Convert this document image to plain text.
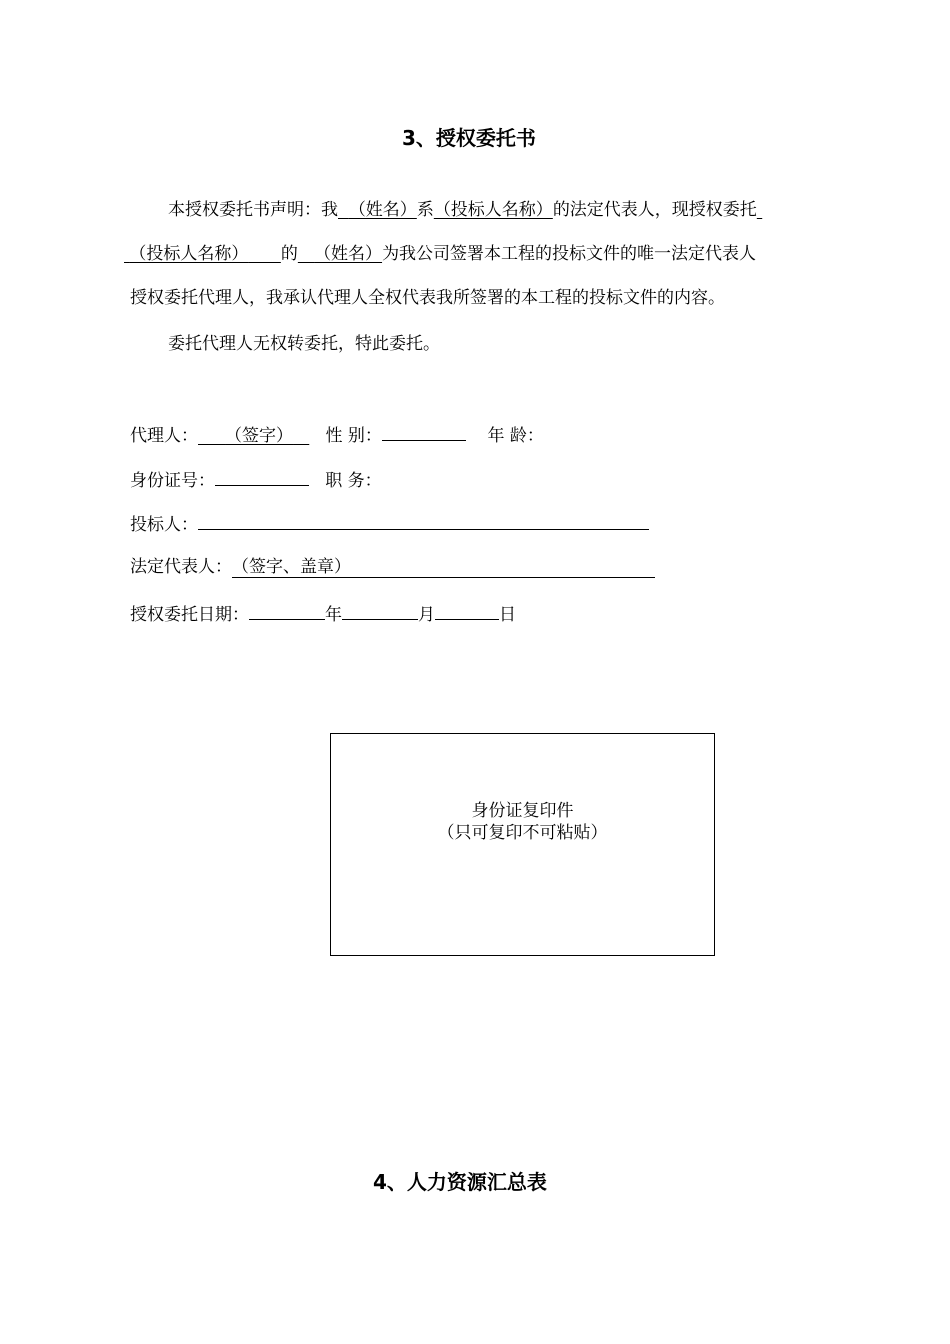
3、授权委托书
本授权委托书声明：我 （姓名）系（投标人名称）的法定代表人，现授权委托
（投标人名称） 的 （姓名）为我公司签署本工程的投标文件的唯一法定代表人
授权委托代理人，我承认代理人全权代表我所签署的本工程的投标文件的内容。
委托代理人无权转委托，特此委托。
代理人： （签字） 性 别：	年 龄：
身份证号：	职 务：
投标人：
法定代表人：（签字、盖章）
授权委托日期：	年	月	日
身份证复印件
（只可复印不可粘贴）
4、人力资源汇总表
